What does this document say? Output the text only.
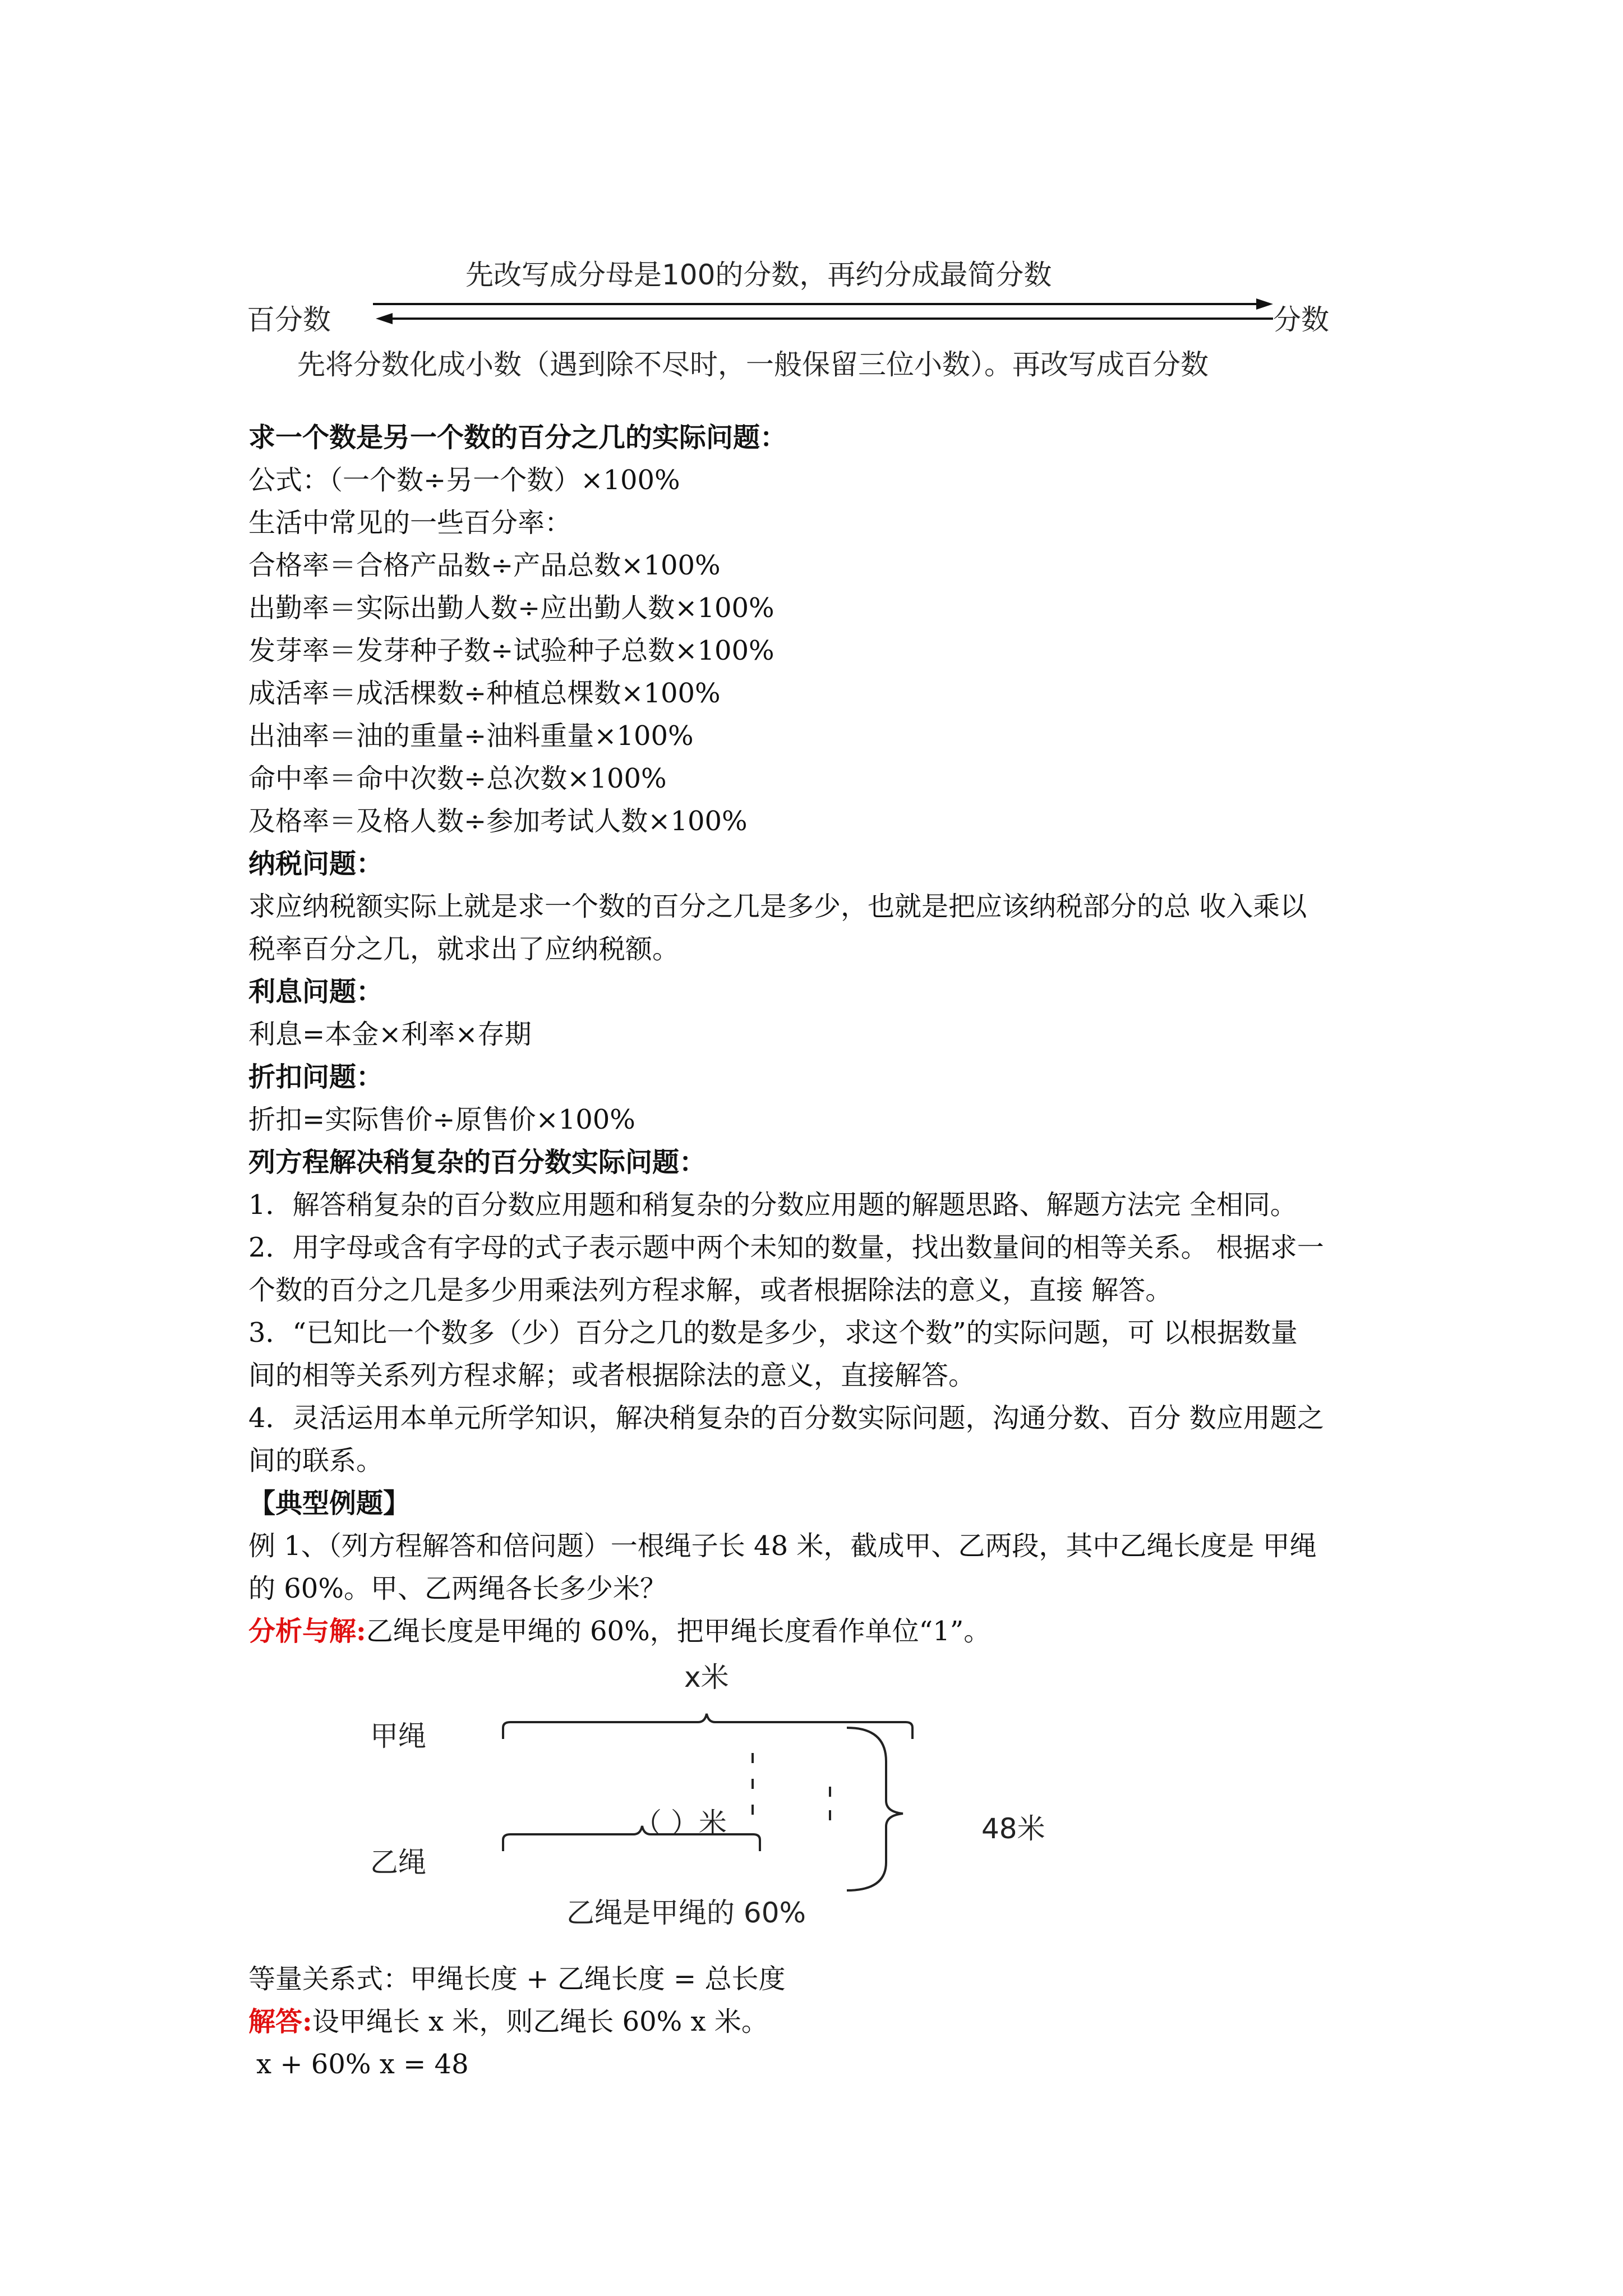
先改写成分母是100的分数，再约分成最简分数
百分数	分数
先将分数化成小数（遇到除不尽时，一般保留三位小数）。再改写成百分数
求一个数是另一个数的百分之几的实际问题：
公式：（一个数÷另一个数）×100%
生活中常见的一些百分率：
合格率＝合格产品数÷产品总数×100%
出勤率＝实际出勤人数÷应出勤人数×100%
发芽率＝发芽种子数÷试验种子总数×100%
成活率＝成活棵数÷种植总棵数×100%
出油率＝油的重量÷油料重量×100%
命中率＝命中次数÷总次数×100%
及格率＝及格人数÷参加考试人数×100%
纳税问题：
求应纳税额实际上就是求一个数的百分之几是多少，也就是把应该纳税部分的总 收入乘以
税率百分之几，就求出了应纳税额。
利息问题：
利息=本金×利率×存期
折扣问题：
折扣=实际售价÷原售价×100%
列方程解决稍复杂的百分数实际问题：
1．解答稍复杂的百分数应用题和稍复杂的分数应用题的解题思路、解题方法完 全相同。
2．用字母或含有字母的式子表示题中两个未知的数量，找出数量间的相等关系。 根据求一
个数的百分之几是多少用乘法列方程求解，或者根据除法的意义，直接 解答。
3．“已知比一个数多（少）百分之几的数是多少，求这个数”的实际问题，可 以根据数量
间的相等关系列方程求解；或者根据除法的意义，直接解答。
4．灵活运用本单元所学知识，解决稍复杂的百分数实际问题，沟通分数、百分 数应用题之
间的联系。
【典型例题】
例 1、（列方程解答和倍问题）一根绳子长 48 米，截成甲、乙两段，其中乙绳长度是 甲绳
的 60%。甲、乙两绳各长多少米？
分析与解:乙绳长度是甲绳的 60%，把甲绳长度看作单位“1”。
甲绳
乙绳
x米
（ ）米	48米
乙绳是甲绳的 60%
等量关系式：甲绳长度 + 乙绳长度 = 总长度
解答:设甲绳长 x 米，则乙绳长 60% x 米。
x + 60% x = 48
